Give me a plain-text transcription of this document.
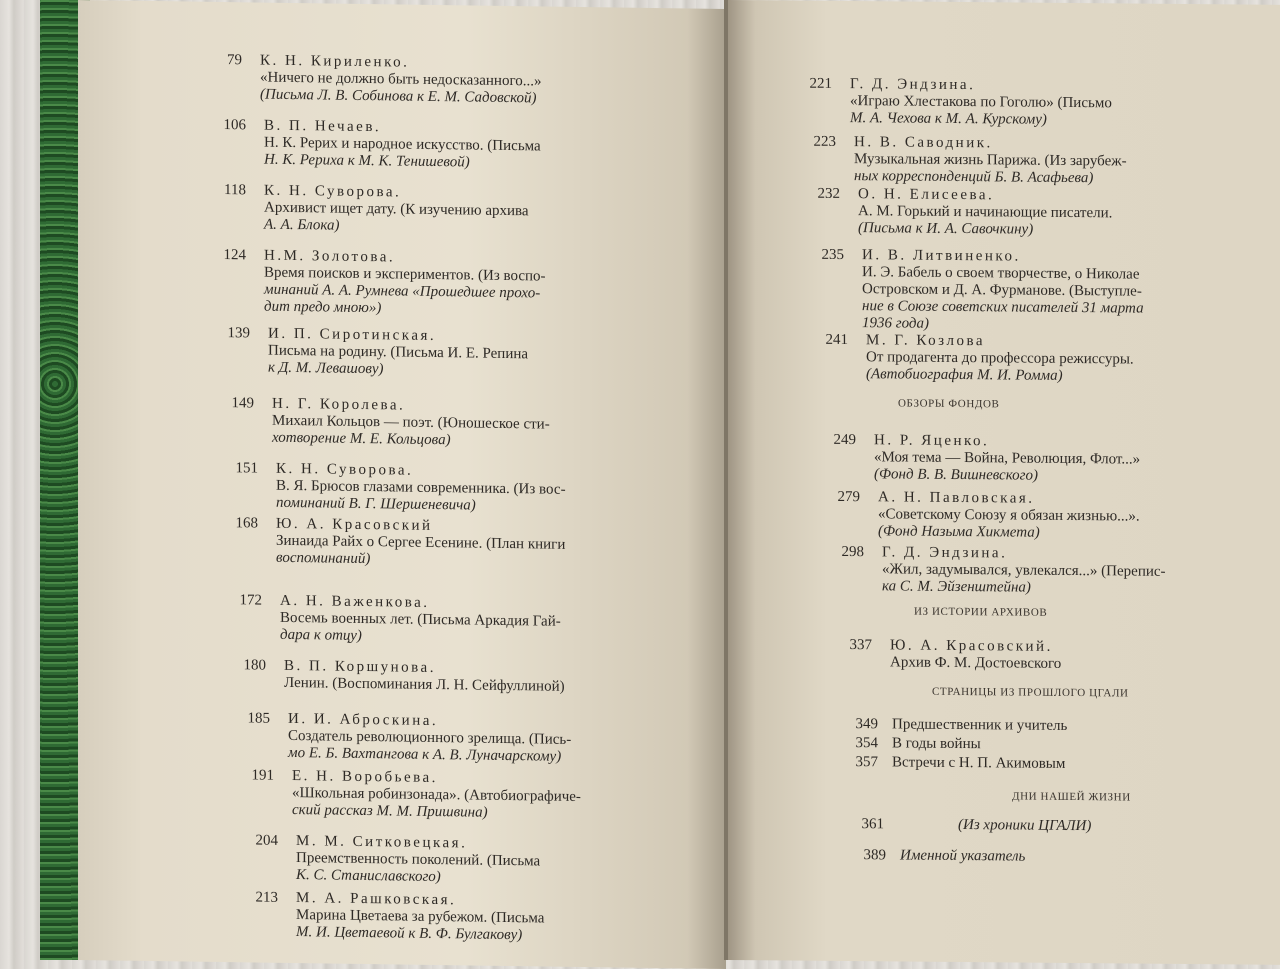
79 К. Н. Кириленко.
«Ничего не должно быть недосказанного...»
(Письма Л. В. Собинова к Е. М. Садовской)
106 В. П. Нечаев.
Н. К. Рерих и народное искусство. (Письма
Н. К. Рериха к М. К. Тенишевой)
118 К. Н. Суворова.
Архивист ищет дату. (К изучению архива
А. А. Блока)
124 Н.М. Золотова.
Время поисков и экспериментов. (Из воспо-
минаний А. А. Румнева «Прошедшее прохо-
дит предо мною»)
139 И. П. Сиротинская.
Письма на родину. (Письма И. Е. Репина
к Д. М. Левашову)
149 Н. Г. Королева.
Михаил Кольцов — поэт. (Юношеское сти-
хотворение М. Е. Кольцова)
151 К. Н. Суворова.
В. Я. Брюсов глазами современника. (Из вос-
поминаний В. Г. Шершеневича)
168 Ю. А. Красовский
Зинаида Райх о Сергее Есенине. (План книги
воспоминаний)
172 А. Н. Важенкова.
Восемь военных лет. (Письма Аркадия Гай-
дара к отцу)
180 В. П. Коршунова.
Ленин. (Воспоминания Л. Н. Сейфуллиной)
185 И. И. Аброскина.
Создатель революционного зрелища. (Пись-
мо Е. Б. Вахтангова к А. В. Луначарскому)
191 Е. Н. Воробьева.
«Школьная робинзонада». (Автобиографиче-
ский рассказ М. М. Пришвина)
204 М. М. Ситковецкая.
Преемственность поколений. (Письма
К. С. Станиславского)
213 М. А. Рашковская.
Марина Цветаева за рубежом. (Письма
М. И. Цветаевой к В. Ф. Булгакову)
221 Г. Д. Эндзина.
«Играю Хлестакова по Гоголю» (Письмо
М. А. Чехова к М. А. Курскому)
223 Н. В. Саводник.
Музыкальная жизнь Парижа. (Из зарубеж-
ных корреспонденций Б. В. Асафьева)
232 О. Н. Елисеева.
А. М. Горький и начинающие писатели.
(Письма к И. А. Савочкину)
235 И. В. Литвиненко.
И. Э. Бабель о своем творчестве, о Николае
Островском и Д. А. Фурманове. (Выступле-
ние в Союзе советских писателей 31 марта
1936 года)
241 М. Г. Козлова
От продагента до профессора режиссуры.
(Автобиография М. И. Ромма)
ОБЗОРЫ ФОНДОВ
249 Н. Р. Яценко.
«Моя тема — Война, Революция, Флот...»
(Фонд В. В. Вишневского)
279 А. Н. Павловская.
«Советскому Союзу я обязан жизнью...».
(Фонд Назыма Хикмета)
298 Г. Д. Эндзина.
«Жил, задумывался, увлекался...» (Перепис-
ка С. М. Эйзенштейна)
ИЗ ИСТОРИИ АРХИВОВ
337 Ю. А. Красовский.
Архив Ф. М. Достоевского
СТРАНИЦЫ ИЗ ПРОШЛОГО ЦГАЛИ
349 Предшественник и учитель
354 В годы войны
357 Встречи с Н. П. Акимовым
ДНИ НАШЕЙ ЖИЗНИ
361	(Из хроники ЦГАЛИ)
389 Именной указатель
